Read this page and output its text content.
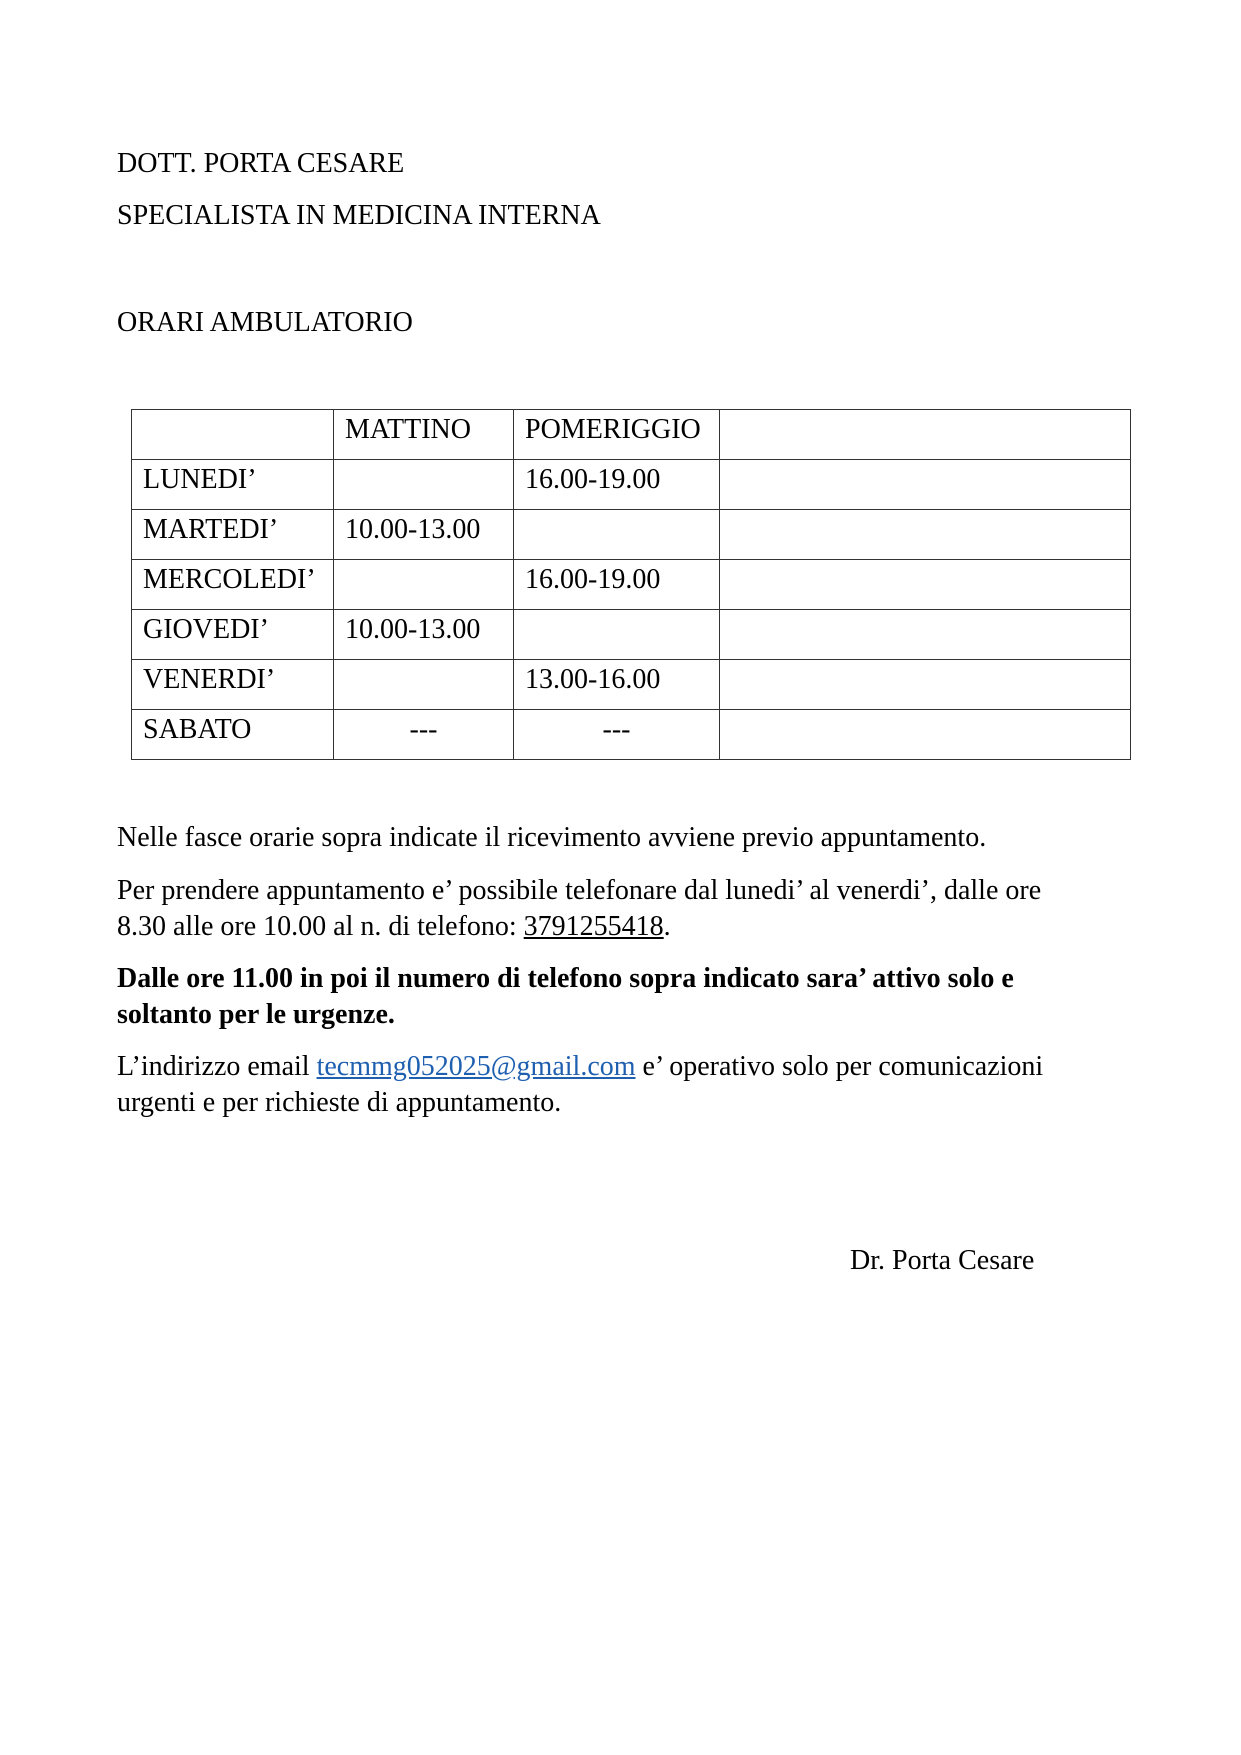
DOTT. PORTA CESARE
SPECIALISTA IN MEDICINA INTERNA
ORARI AMBULATORIO
	MATTINO	POMERIGGIO	
LUNEDI’		16.00-19.00	
MARTEDI’	10.00-13.00		
MERCOLEDI’		16.00-19.00	
GIOVEDI’	10.00-13.00		
VENERDI’		13.00-16.00	
SABATO	---	---	
Nelle fasce orarie sopra indicate il ricevimento avviene previo appuntamento.
Per prendere appuntamento e’ possibile telefonare dal lunedi’ al venerdi’, dalle ore
8.30 alle ore 10.00 al n. di telefono: 3791255418.
Dalle ore 11.00 in poi il numero di telefono sopra indicato sara’ attivo solo e
soltanto per le urgenze.
L’indirizzo email tecmmg052025@gmail.com e’ operativo solo per comunicazioni
urgenti e per richieste di appuntamento.
Dr. Porta Cesare
